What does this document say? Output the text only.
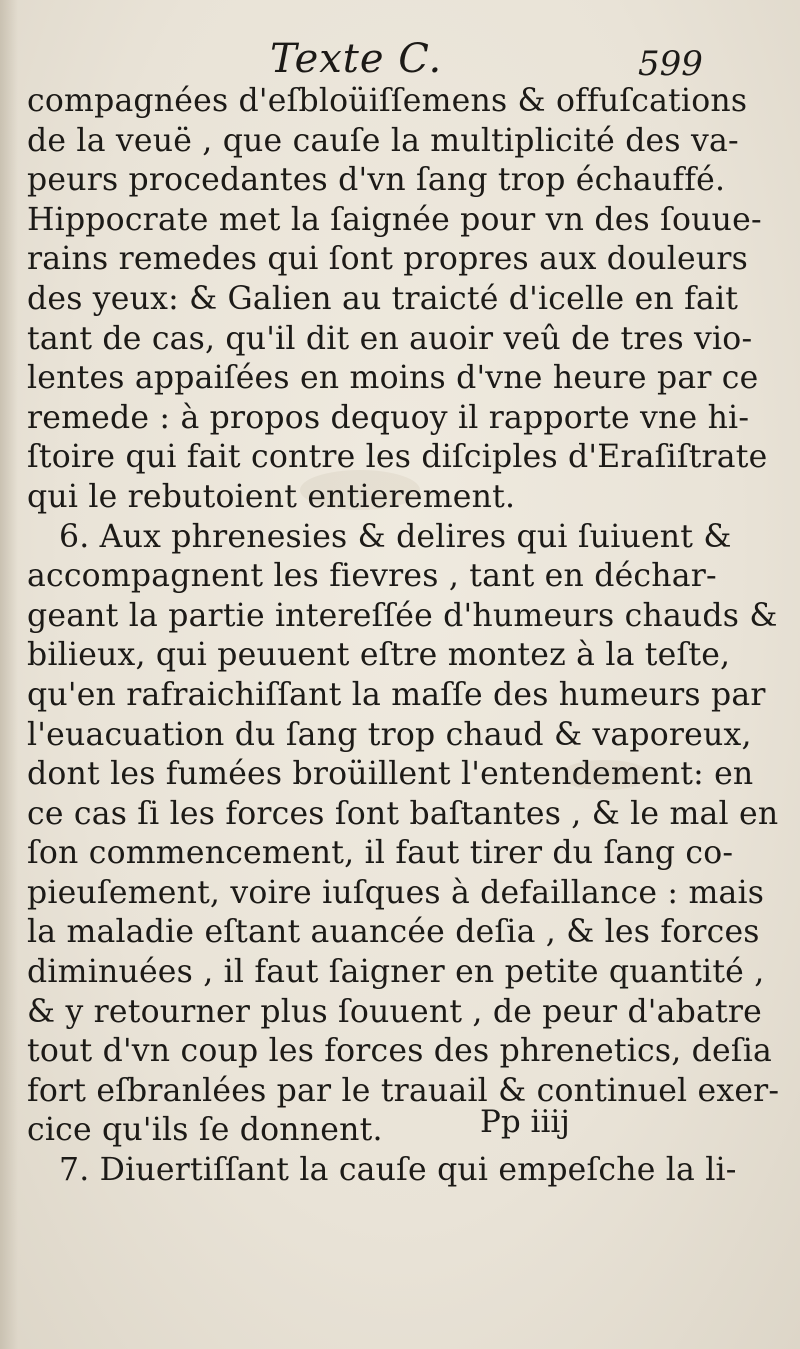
Texte C.	599
compagnées d'eſbloüiſſemens & offuſcations
de la veuë , que cauſe la multiplicité des va-
peurs procedantes d'vn ſang trop échauffé.
Hippocrate met la ſaignée pour vn des ſouue-
rains remedes qui ſont propres aux douleurs
des yeux: & Galien au traicté d'icelle en fait
tant de cas, qu'il dit en auoir veû de tres vio-
lentes appaiſées en moins d'vne heure par ce
remede : à propos dequoy il rapporte vne hi-
ſtoire qui fait contre les diſciples d'Eraſiſtrate
qui le rebutoient entierement.
6. Aux phrenesies & delires qui ſuiuent &
accompagnent les fievres , tant en déchar-
geant la partie intereſſée d'humeurs chauds &
bilieux, qui peuuent eſtre montez à la teſte,
qu'en rafraichiſſant la maſſe des humeurs par
l'euacuation du ſang trop chaud & vaporeux,
dont les fumées broüillent l'entendement: en
ce cas ſi les forces ſont baſtantes , & le mal en
ſon commencement, il faut tirer du ſang co-
pieuſement, voire iuſques à defaillance : mais
la maladie eſtant auancée deſia , & les forces
diminuées , il faut ſaigner en petite quantité ,
& y retourner plus ſouuent , de peur d'abatre
tout d'vn coup les forces des phrenetics, deſia
fort eſbranlées par le trauail & continuel exer-
cice qu'ils ſe donnent.
7. Diuertiſſant la cauſe qui empeſche la li-
Pp iiij
